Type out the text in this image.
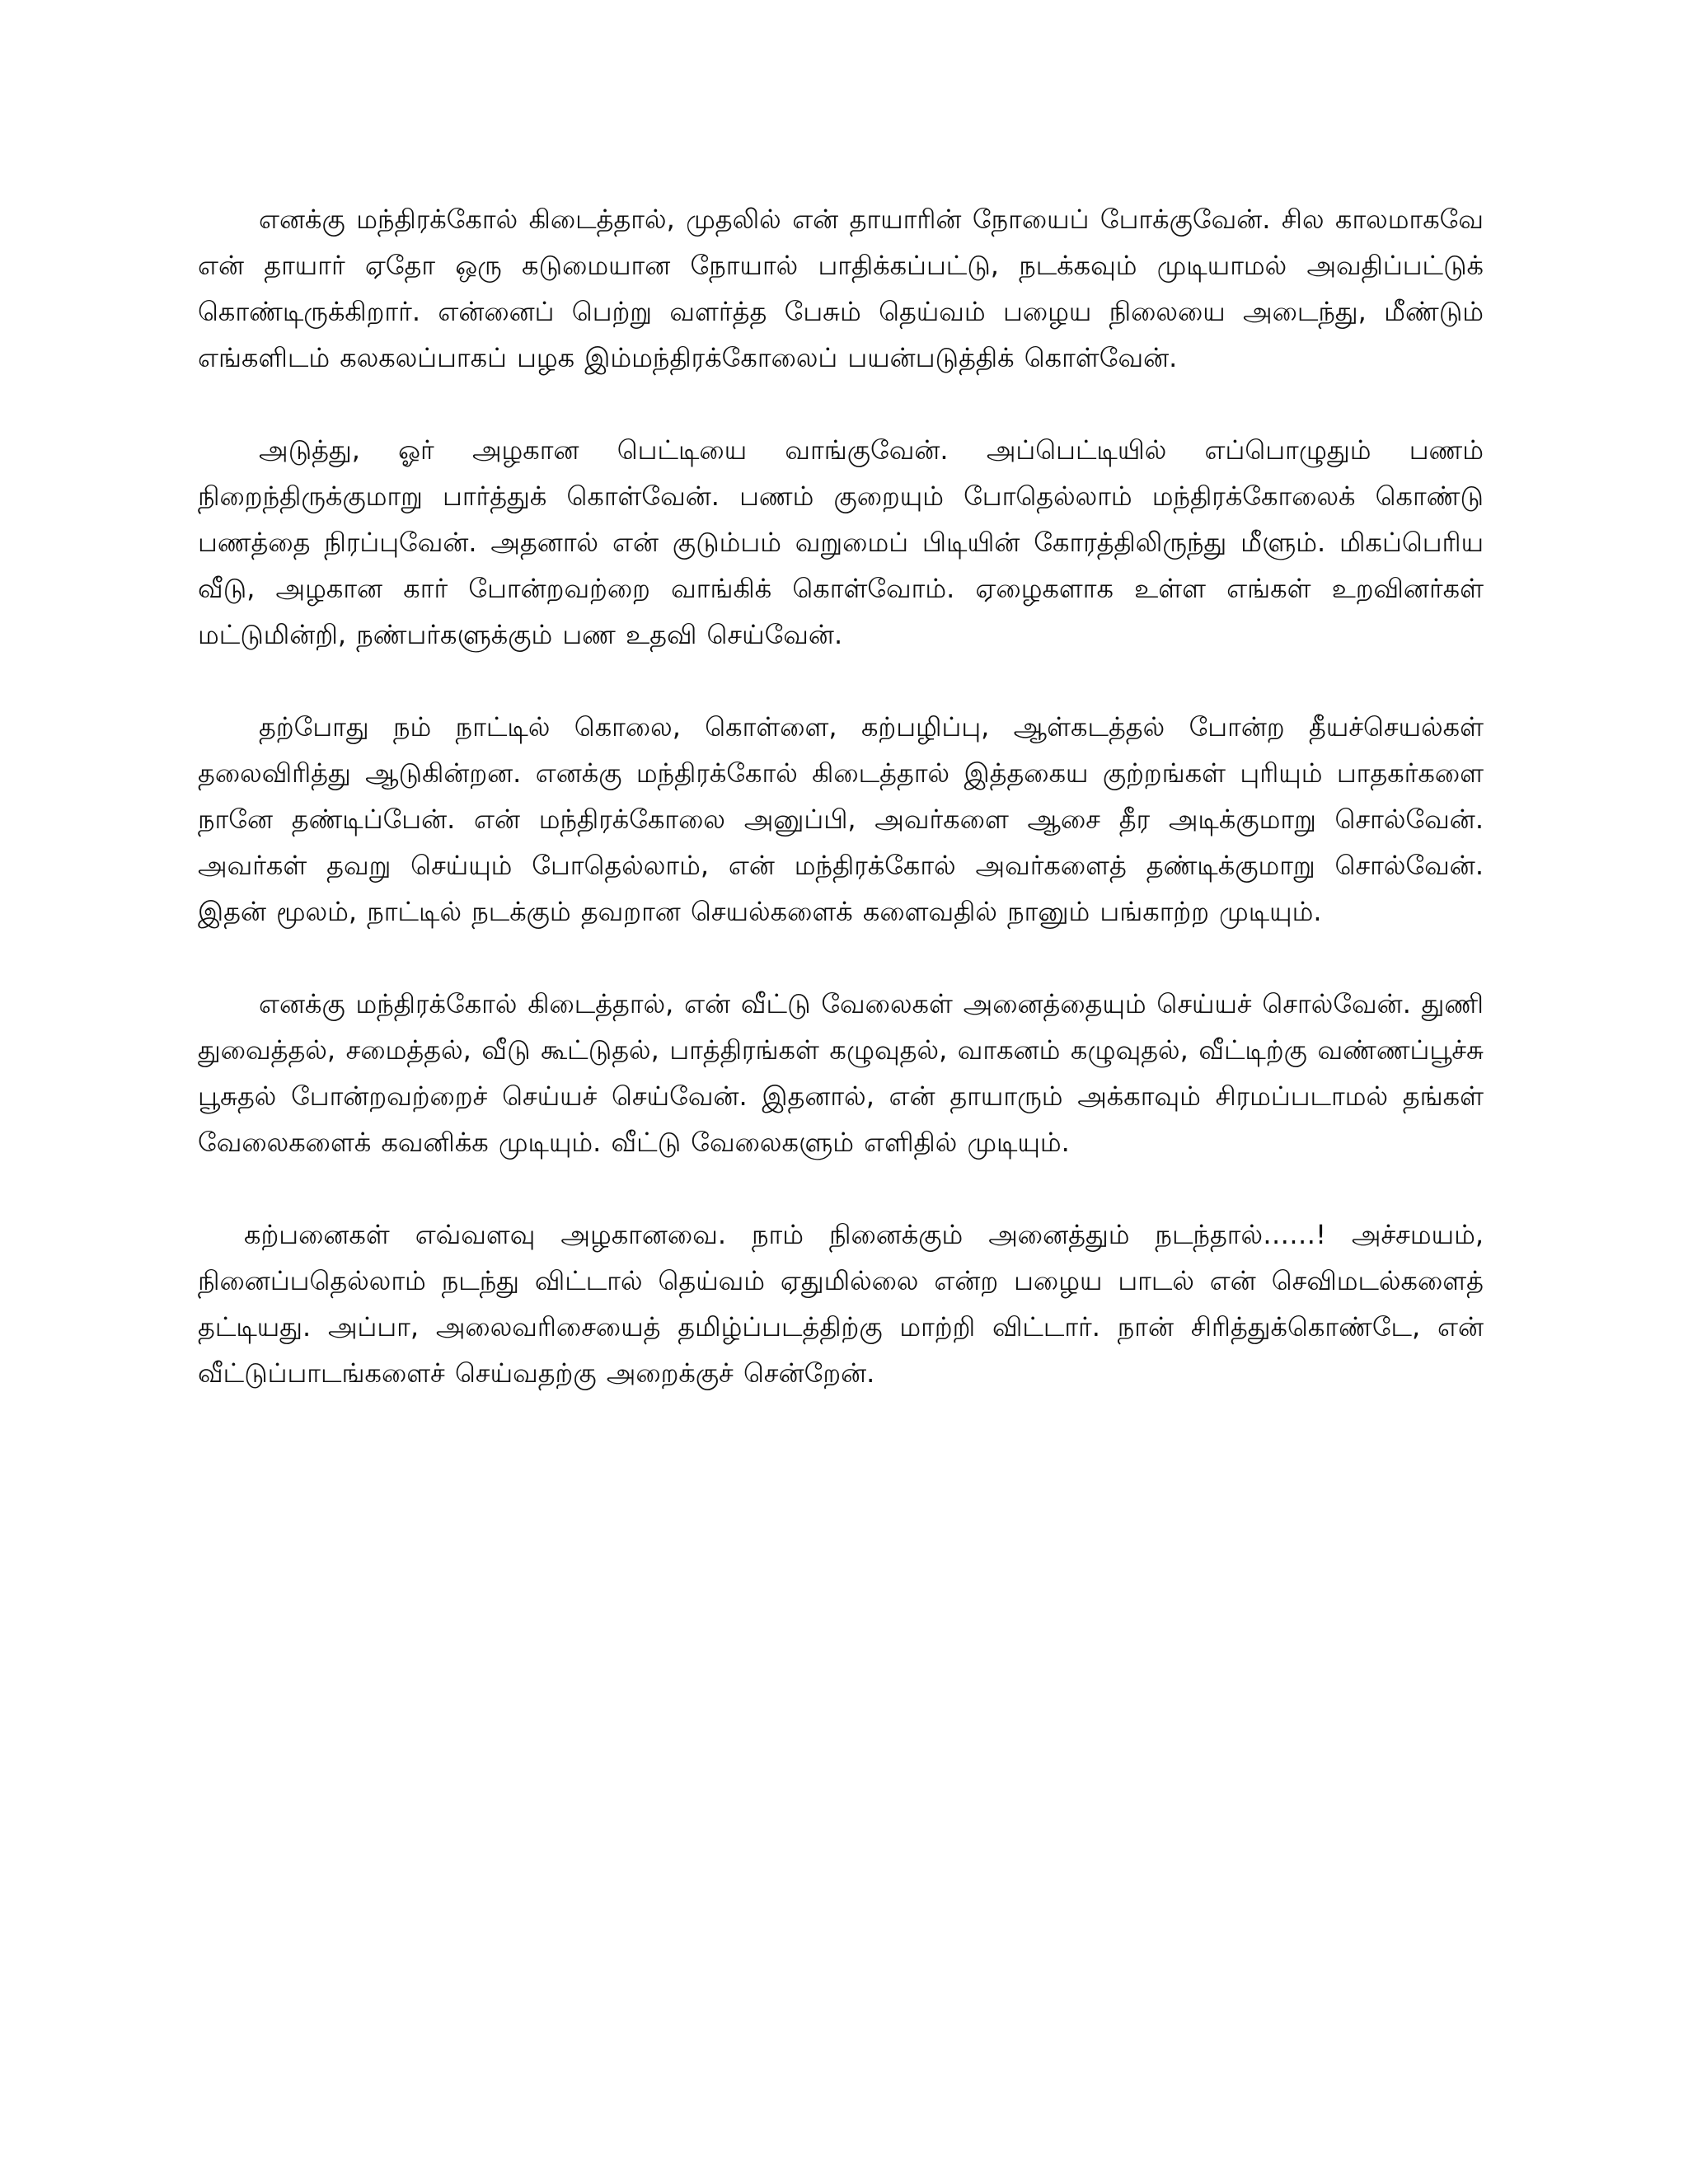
எனக்கு மந்திரக்கோல் கிடைத்தால், முதலில் என் தாயாரின் நோயைப் போக்குவேன். சில காலமாகவே என் தாயார் ஏதோ ஒரு கடுமையான நோயால் பாதிக்கப்பட்டு, நடக்கவும் முடியாமல் அவதிப்பட்டுக் கொண்டிருக்கிறார். என்னைப் பெற்று வளர்த்த பேசும் தெய்வம் பழைய நிலையை அடைந்து, மீண்டும் எங்களிடம் கலகலப்பாகப் பழக இம்மந்திரக்கோலைப் பயன்படுத்திக் கொள்வேன்.

அடுத்து, ஓர் அழகான பெட்டியை வாங்குவேன். அப்பெட்டியில் எப்பொழுதும் பணம் நிறைந்திருக்குமாறு பார்த்துக் கொள்வேன். பணம் குறையும் போதெல்லாம் மந்திரக்கோலைக் கொண்டு பணத்தை நிரப்புவேன். அதனால் என் குடும்பம் வறுமைப் பிடியின் கோரத்திலிருந்து மீளும். மிகப்பெரிய வீடு, அழகான கார் போன்றவற்றை வாங்கிக் கொள்வோம். ஏழைகளாக உள்ள எங்கள் உறவினர்கள் மட்டுமின்றி, நண்பர்களுக்கும் பண உதவி செய்வேன்.

தற்போது நம் நாட்டில் கொலை, கொள்ளை, கற்பழிப்பு, ஆள்கடத்தல் போன்ற தீயச்செயல்கள் தலைவிரித்து ஆடுகின்றன. எனக்கு மந்திரக்கோல் கிடைத்தால் இத்தகைய குற்றங்கள் புரியும் பாதகர்களை நானே தண்டிப்பேன். என் மந்திரக்கோலை அனுப்பி, அவர்களை ஆசை தீர அடிக்குமாறு சொல்வேன். அவர்கள் தவறு செய்யும் போதெல்லாம், என் மந்திரக்கோல் அவர்களைத் தண்டிக்குமாறு சொல்வேன். இதன் மூலம், நாட்டில் நடக்கும் தவறான செயல்களைக் களைவதில் நானும் பங்காற்ற முடியும்.

எனக்கு மந்திரக்கோல் கிடைத்தால், என் வீட்டு வேலைகள் அனைத்தையும் செய்யச் சொல்வேன். துணி துவைத்தல், சமைத்தல், வீடு கூட்டுதல், பாத்திரங்கள் கழுவுதல், வாகனம் கழுவுதல், வீட்டிற்கு வண்ணப்பூச்சு பூசுதல் போன்றவற்றைச் செய்யச் செய்வேன். இதனால், என் தாயாரும் அக்காவும் சிரமப்படாமல் தங்கள் வேலைகளைக் கவனிக்க முடியும். வீட்டு வேலைகளும் எளிதில் முடியும்.

கற்பனைகள் எவ்வளவு அழகானவை. நாம் நினைக்கும் அனைத்தும் நடந்தால்……! அச்சமயம், நினைப்பதெல்லாம் நடந்து விட்டால் தெய்வம் ஏதுமில்லை என்ற பழைய பாடல் என் செவிமடல்களைத் தட்டியது. அப்பா, அலைவரிசையைத் தமிழ்ப்படத்திற்கு மாற்றி விட்டார். நான் சிரித்துக்கொண்டே, என் வீட்டுப்பாடங்களைச் செய்வதற்கு அறைக்குச் சென்றேன்.
